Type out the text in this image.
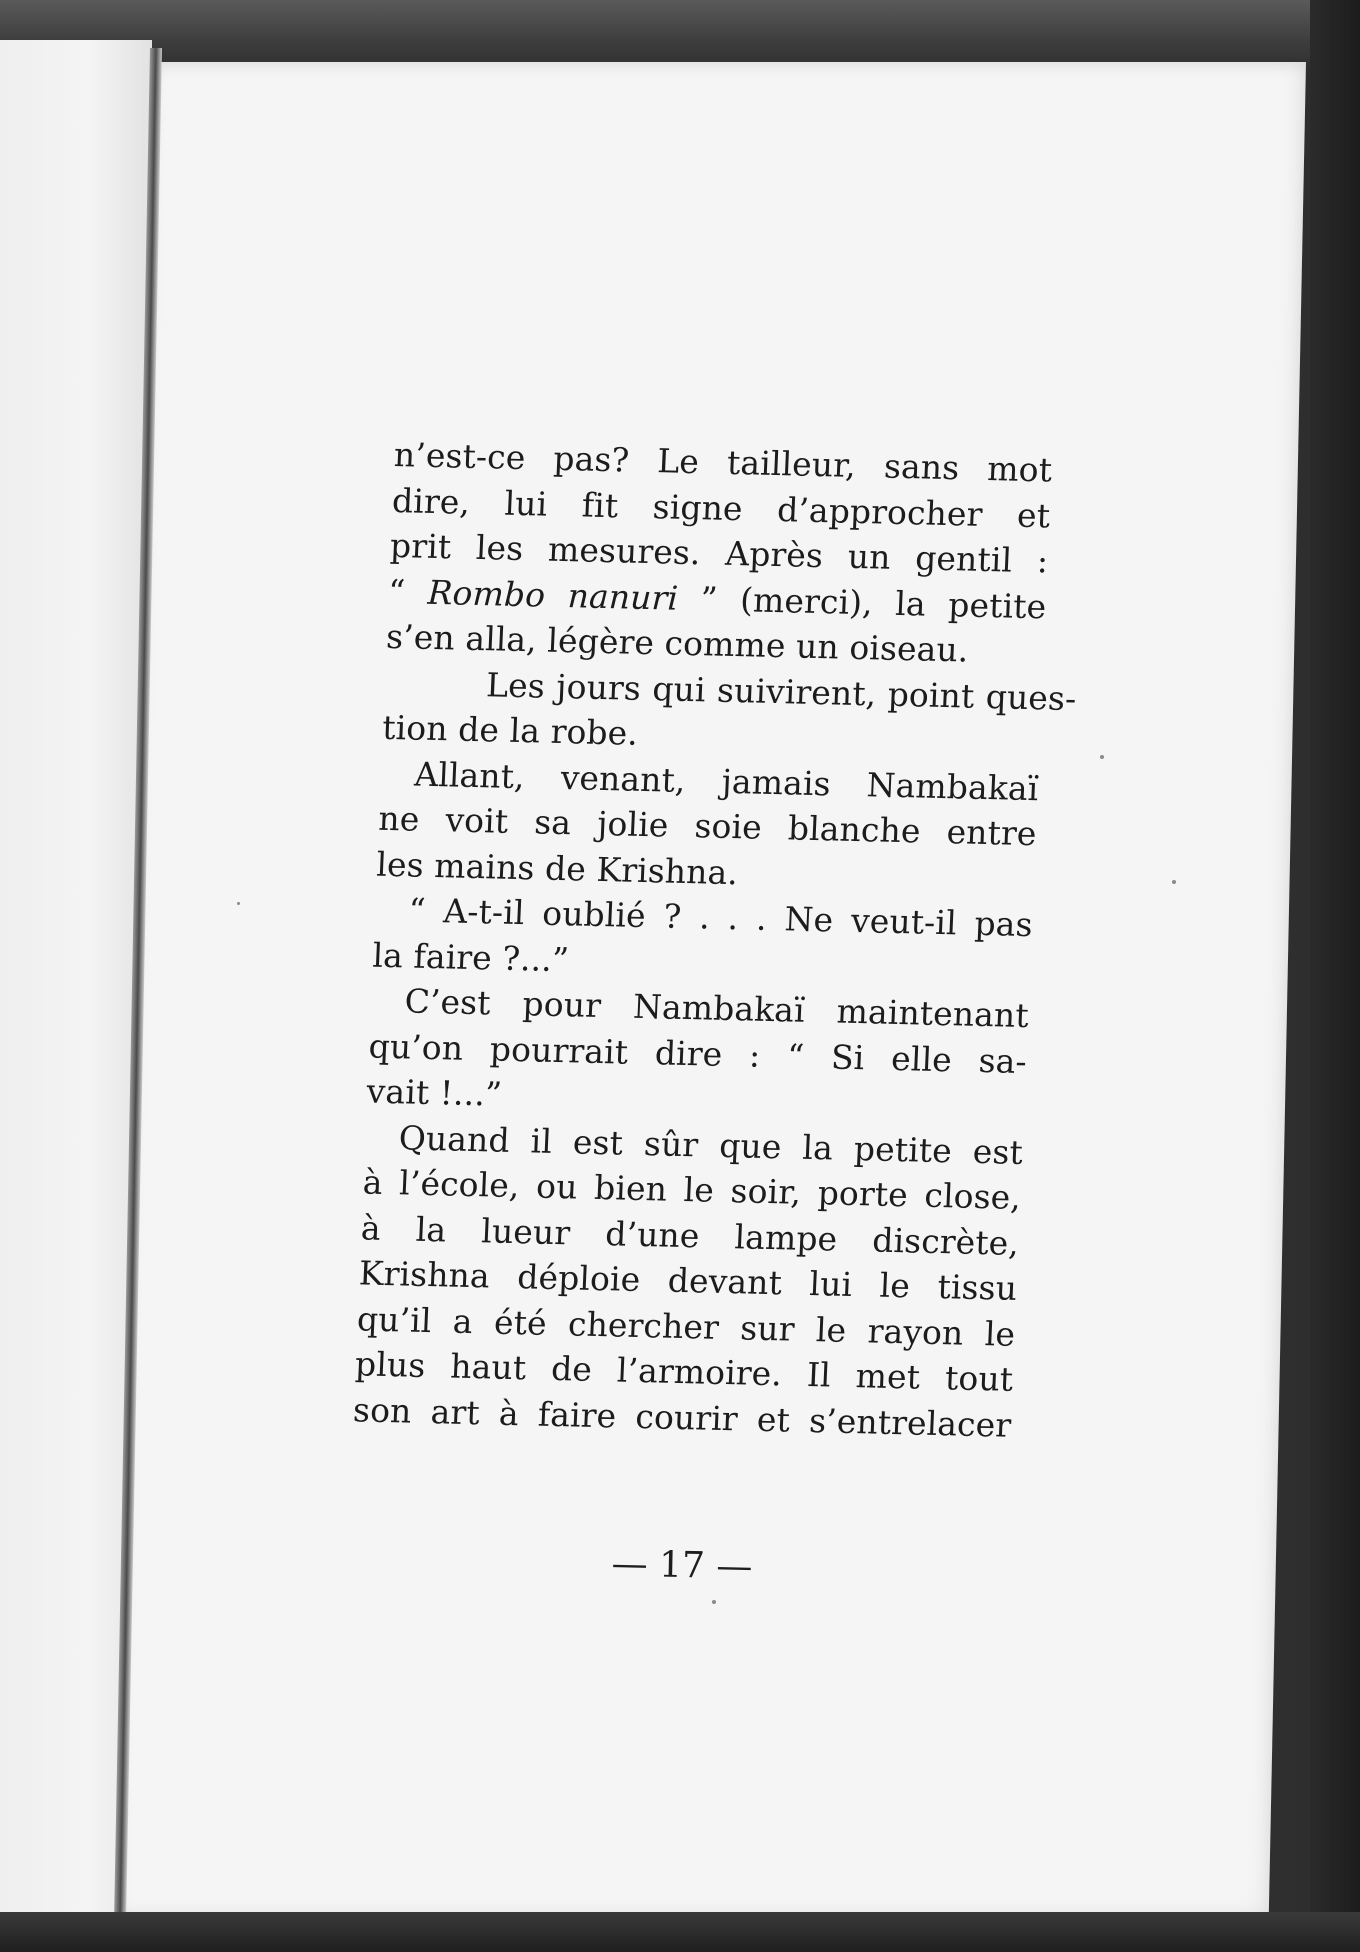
n’est-ce pas? Le tailleur, sans mot
dire, lui fit signe d’approcher et
prit les mesures. Après un gentil :
“ Rombo nanuri ” (merci), la petite
s’en alla, légère comme un oiseau.
Les jours qui suivirent, point ques-
tion de la robe.
Allant, venant, jamais Nambakaï
ne voit sa jolie soie blanche entre
les mains de Krishna.
“ A-t-il oublié ? . . . Ne veut-il pas
la faire ?...”
C’est pour Nambakaï maintenant
qu’on pourrait dire : “ Si elle sa-
vait !...”
Quand il est sûr que la petite est
à l’école, ou bien le soir, porte close,
à la lueur d’une lampe discrète,
Krishna déploie devant lui le tissu
qu’il a été chercher sur le rayon le
plus haut de l’armoire. Il met tout
son art à faire courir et s’entrelacer
— 17 —
